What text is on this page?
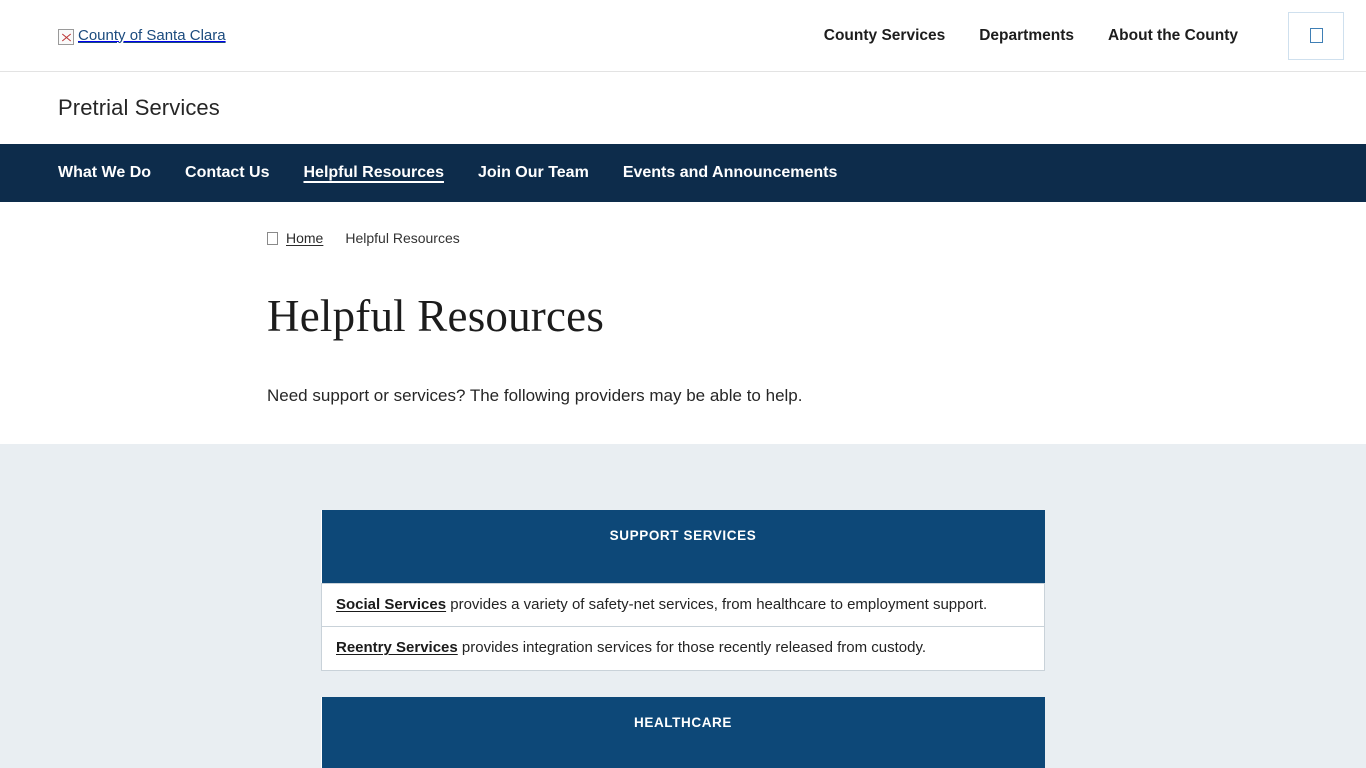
County of Santa Clara	County Services Departments About the County
Pretrial Services
What We Do Contact Us Helpful Resources Join Our Team Events and Announcements
Home Helpful Resources
Helpful Resources

Need support or services? The following providers may be able to help.

SUPPORT SERVICES
Social Services provides a variety of safety-net services, from healthcare to employment support.
Reentry Services provides integration services for those recently released from custody.
HEALTHCARE
